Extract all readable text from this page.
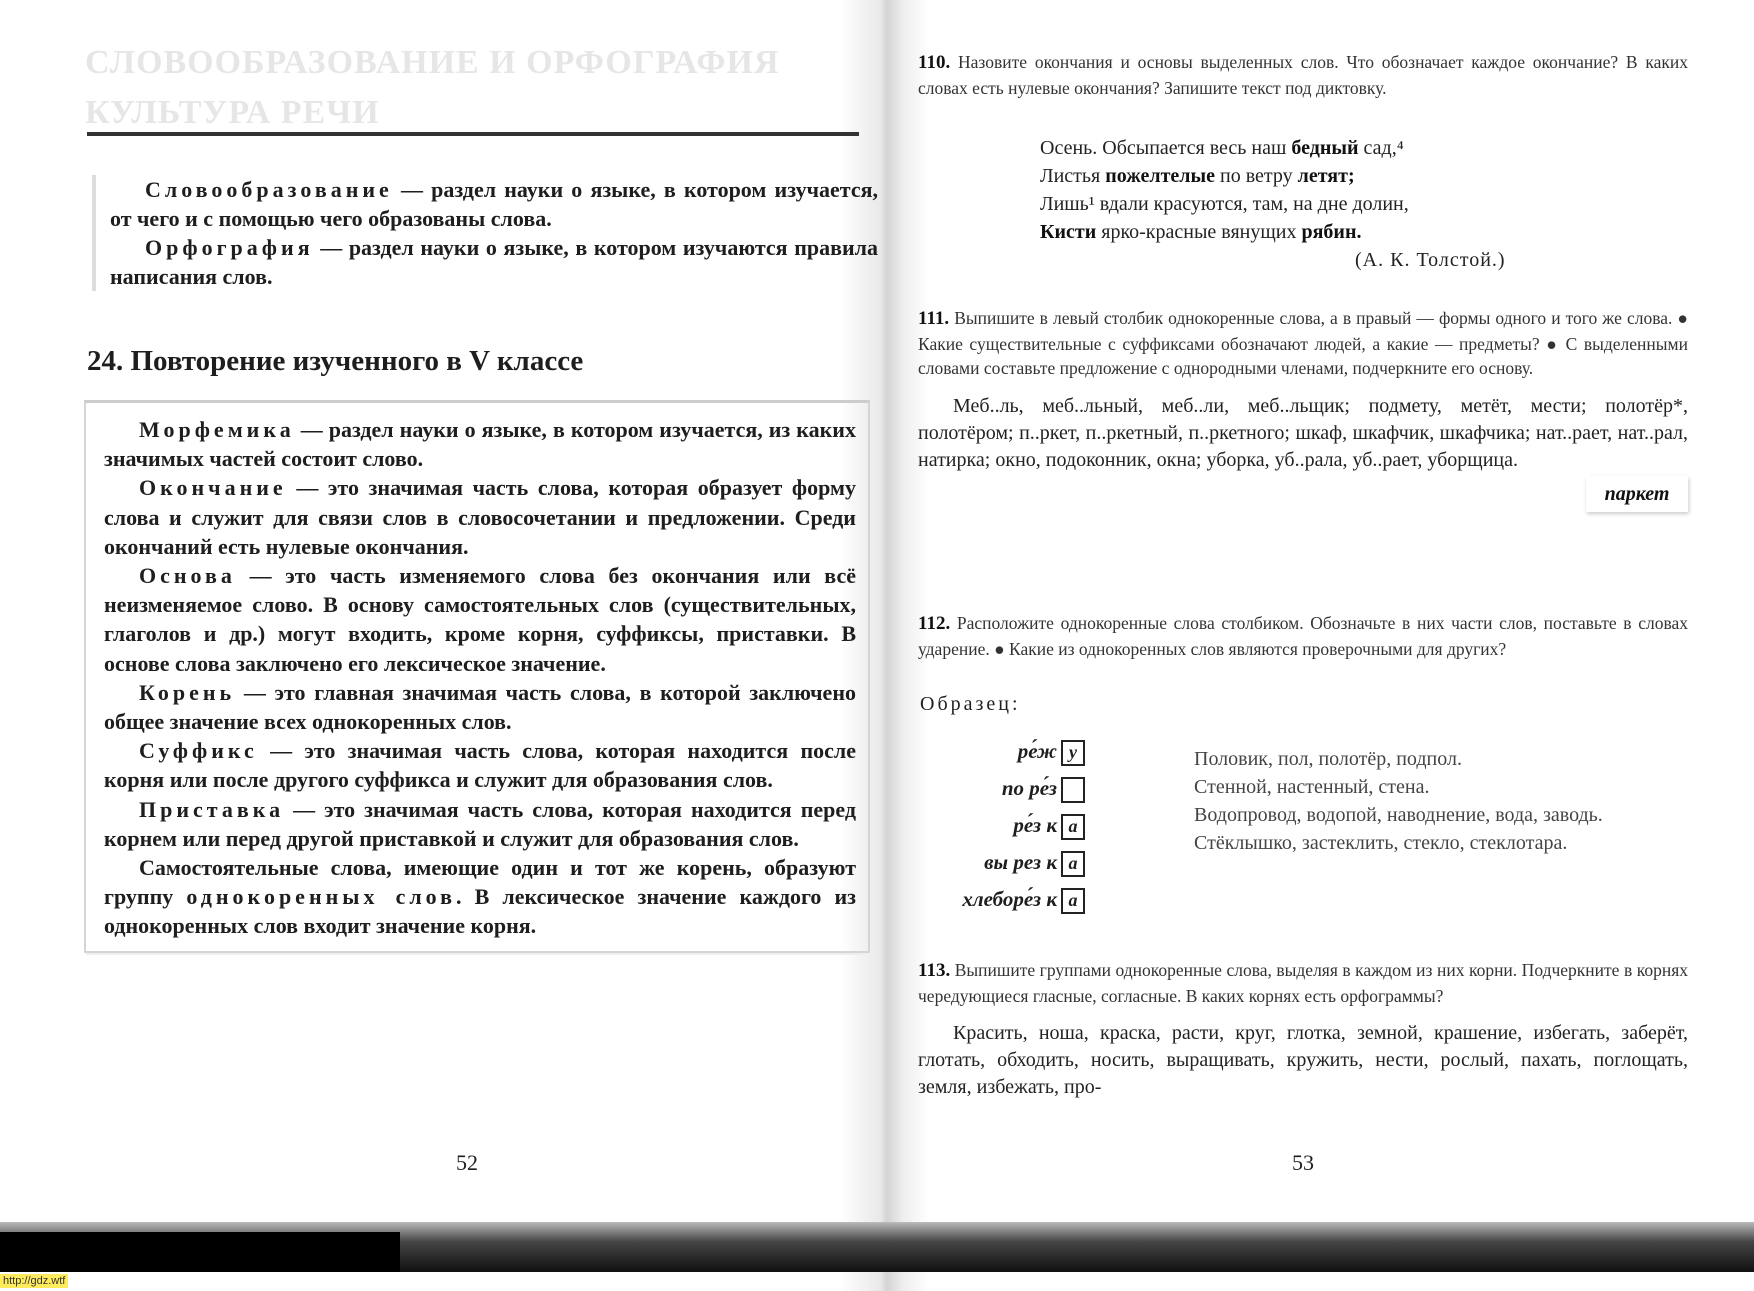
СЛОВООБРАЗОВАНИЕ И ОРФОГРАФИЯ
КУЛЬТУРА РЕЧИ

Словообразование — раздел науки о языке, в котором изучается, от чего и с помощью чего образованы слова.

Орфография — раздел науки о языке, в котором изучаются правила написания слов.

24. Повторение изученного в V классе

Морфемика — раздел науки о языке, в котором изучается, из каких значимых частей состоит слово.

Окончание — это значимая часть слова, которая образует форму слова и служит для связи слов в словосочетании и предложении. Среди окончаний есть нулевые окончания.

Основа — это часть изменяемого слова без окончания или всё неизменяемое слово. В основу самостоятельных слов (существительных, глаголов и др.) могут входить, кроме корня, суффиксы, приставки. В основе слова заключено его лексическое значение.

Корень — это главная значимая часть слова, в которой заключено общее значение всех однокоренных слов.

Суффикс — это значимая часть слова, которая находится после корня или после другого суффикса и служит для образования слов.

Приставка — это значимая часть слова, которая находится перед корнем или перед другой приставкой и служит для образования слов.

Самостоятельные слова, имеющие один и тот же корень, образуют группу однокоренных слов. В лексическое значение каждого из однокоренных слов входит значение корня.

52
110. Назовите окончания и основы выделенных слов. Что обозначает каждое окончание? В каких словах есть нулевые окончания? Запишите текст под диктовку.
Осень. Обсыпается весь наш бедный сад,⁴
Листья пожелтелые по ветру летят;
Лишь¹ вдали красуются, там, на дне долин,
Кисти ярко-красные вянущих рябин.
(А. К. Толстой.)
111. Выпишите в левый столбик однокоренные слова, а в правый — формы одного и того же слова. ● Какие существительные с суффиксами обозначают людей, а какие — предметы? ● С выделенными словами составьте предложение с однородными членами, подчеркните его основу.
Меб..ль, меб..льный, меб..ли, меб..льщик; подмету, метёт, мести; полотёр*, полотёром; п..ркет, п..ркетный, п..ркетного; шкаф, шкафчик, шкафчика; нат..рает, нат..рал, натирка; окно, подоконник, окна; уборка, уб..рала, уб..рает, уборщица.
паркет
112. Расположите однокоренные слова столбиком. Обозначьте в них части слов, поставьте в словах ударение. ● Какие из однокоренных слов являются проверочными для других?
Образец:
ре́ж у
по ре́з
ре́з к а
вы рез к а
хлеборе́з к а
Половик, пол, полотёр, подпол.
Стенной, настенный, стена.
Водопровод, водопой, наводнение, вода, заводь.
Стёклышко, застеклить, стекло, стеклотара.
113. Выпишите группами однокоренные слова, выделяя в каждом из них корни. Подчеркните в корнях чередующиеся гласные, согласные. В каких корнях есть орфограммы?
Красить, ноша, краска, расти, круг, глотка, земной, крашение, избегать, заберёт, глотать, обходить, носить, выращивать, кружить, нести, рослый, пахать, поглощать, земля, избежать, про-
53
http://gdz.wtf
